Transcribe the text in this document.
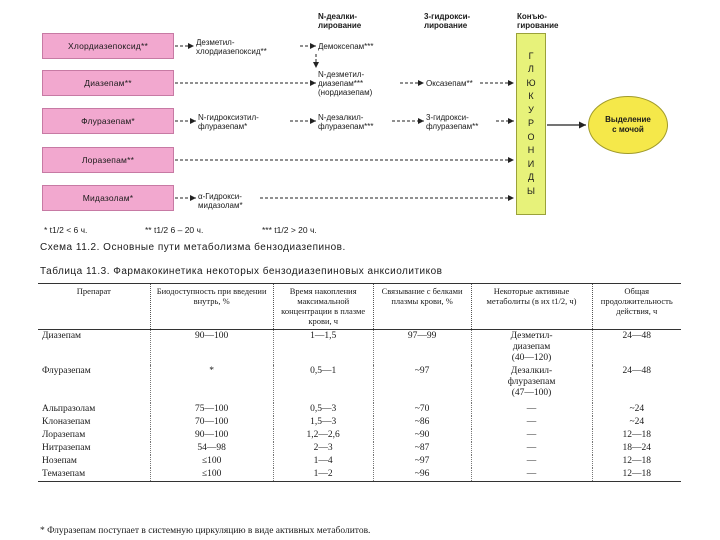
N-деалки-
лирование
3-гидрокси-
лирование
Конъю-
гирование
Хлордиазепоксид**
Диазепам**
Флуразепам*
Лоразепам**
Мидазолам*
Дезметил-
хлордиазепоксид**
Демоксепам***
N-дезметил-
диазепам***
(нордиазепам)
Оксазепам**
N-гидроксиэтил-
флуразепам*
N-дезалкил-
флуразепам***
3-гидрокси-
флуразепам**
α-Гидрокси-
мидазолам*
Г
Л
Ю
К
У
Р
О
Н
И
Д
Ы
Выделение
с мочой
* t1/2 < 6 ч.	** t1/2 6 – 20 ч.	*** t1/2 > 20 ч.
Схема 11.2. Основные пути метаболизма бензодиазепинов.
Таблица 11.3. Фармакокинетика некоторых бензодиазепиновых анксиолитиков
Препарат	Биодоступность при введении внутрь, %	Время накопления максимальной концентрации в плазме крови, ч	Связывание с белками плазмы крови, %	Некоторые активные метаболиты (в их t1/2, ч)	Общая продолжительность действия, ч
Диазепам	90—100	1—1,5	97—99	Дезметил-
диазепам
(40—120)	24—48
Флуразепам	*	0,5—1	~97	Дезалкил-
флуразепам
(47—100)	24—48
Альпразолам	75—100	0,5—3	~70	—	~24
Клоназепам	70—100	1,5—3	~86	—	~24
Лоразепам	90—100	1,2—2,6	~90	—	12—18
Нитразепам	54—98	2—3	~87	—	18—24
Нозепам	≤100	1—4	~97	—	12—18
Темазепам	≤100	1—2	~96	—	12—18
* Флуразепам поступает в системную циркуляцию в виде активных метаболитов.
